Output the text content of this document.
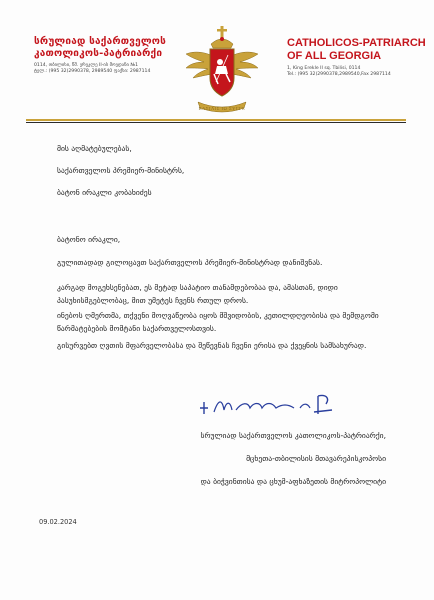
სრულიად საქართველოს
კათოლიკოს-პატრიარქი
0114, თბილისი, წმ. ერეკლე II-ის მოედანი №1
ტელ.: (995 32)2990378, 2989540 ფაქსი: 2987114
ΒΑΣΙΛΙΣ ΙΩ ΣΥΓΓΕ
CATHOLICOS-PATRIARCH
OF ALL GEORGIA
1, King Erekle II sq. Tbilisi, 0114
Tel.: (995 32)2990378,2989540,Fax 2987114
მის აღმატებულებას,
საქართველოს პრემიერ-მინისტრს,
ბატონ ირაკლი კობახიძეს
ბატონო ირაკლი,
გულითადად გილოცავთ საქართველოს პრემიერ-მინისტრად დანიშვნას.
კარგად მოგეხსენებათ, ეს მეტად საპატიო თანამდებობაა და, ამასთან, დიდი პასუხისმგებლობაც, მით უმეტეს ჩვენს რთულ დროს.
ინებოს ღმერთმა, თქვენი მოღვაწეობა იყოს მშვიდობის, კეთილდღეობისა და მემდგომი წარმატებების მომტანი საქართველოსთვის.
გისურვებთ ღვთის მფარველობასა და შეწევნას ჩვენი ერისა და ქვეყნის სამსახურად.
სრულიად საქართველოს კათოლიკოს-პატრიარქი,
მცხეთა-თბილისის მთავარეპისკოპოსი
და ბიჭვინთისა და ცხუმ-აფხაზეთის მიტროპოლიტი
09.02.2024
